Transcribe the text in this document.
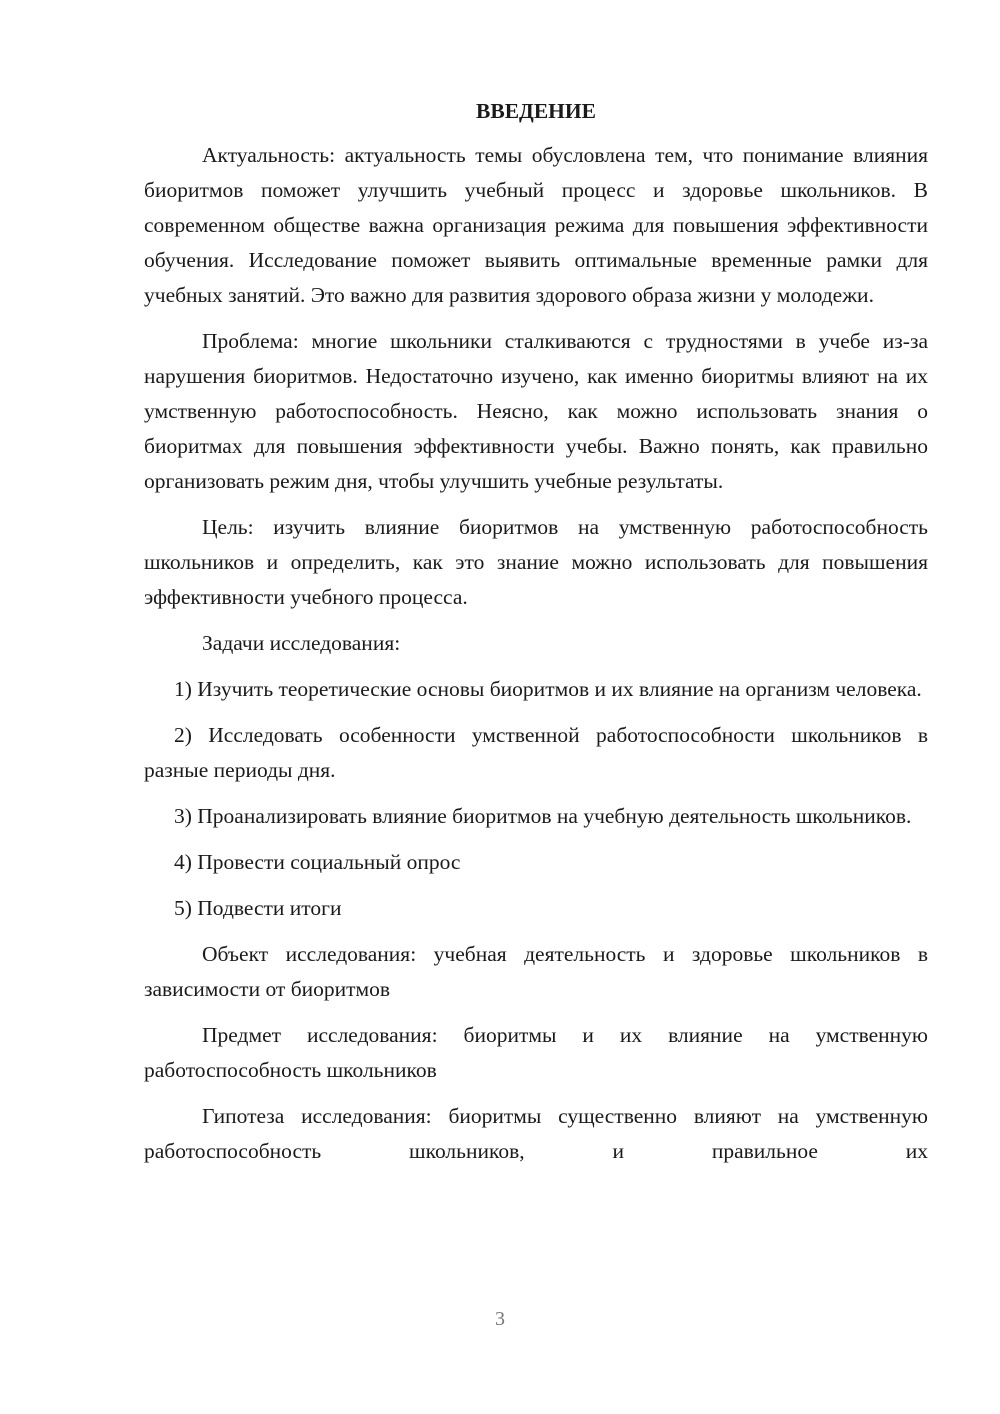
ВВЕДЕНИЕ

Актуальность: актуальность темы обусловлена тем, что понимание влияния биоритмов поможет улучшить учебный процесс и здоровье школьников. В современном обществе важна организация режима для повышения эффективности обучения. Исследование поможет выявить оптимальные временные рамки для учебных занятий. Это важно для развития здорового образа жизни у молодежи.

Проблема: многие школьники сталкиваются с трудностями в учебе из-за нарушения биоритмов. Недостаточно изучено, как именно биоритмы влияют на их умственную работоспособность. Неясно, как можно использовать знания о биоритмах для повышения эффективности учебы. Важно понять, как правильно организовать режим дня, чтобы улучшить учебные результаты.

Цель: изучить влияние биоритмов на умственную работоспособность школьников и определить, как это знание можно использовать для повышения эффективности учебного процесса.

Задачи исследования:

1) Изучить теоретические основы биоритмов и их влияние на организм человека.

2) Исследовать особенности умственной работоспособности школьников в разные периоды дня.

3) Проанализировать влияние биоритмов на учебную деятельность школьников.

4) Провести социальный опрос

5) Подвести итоги

Объект исследования: учебная деятельность и здоровье школьников в зависимости от биоритмов

Предмет исследования: биоритмы и их влияние на умственную работоспособность школьников

Гипотеза исследования: биоритмы существенно влияют на умственную работоспособность школьников, и правильное их

3
